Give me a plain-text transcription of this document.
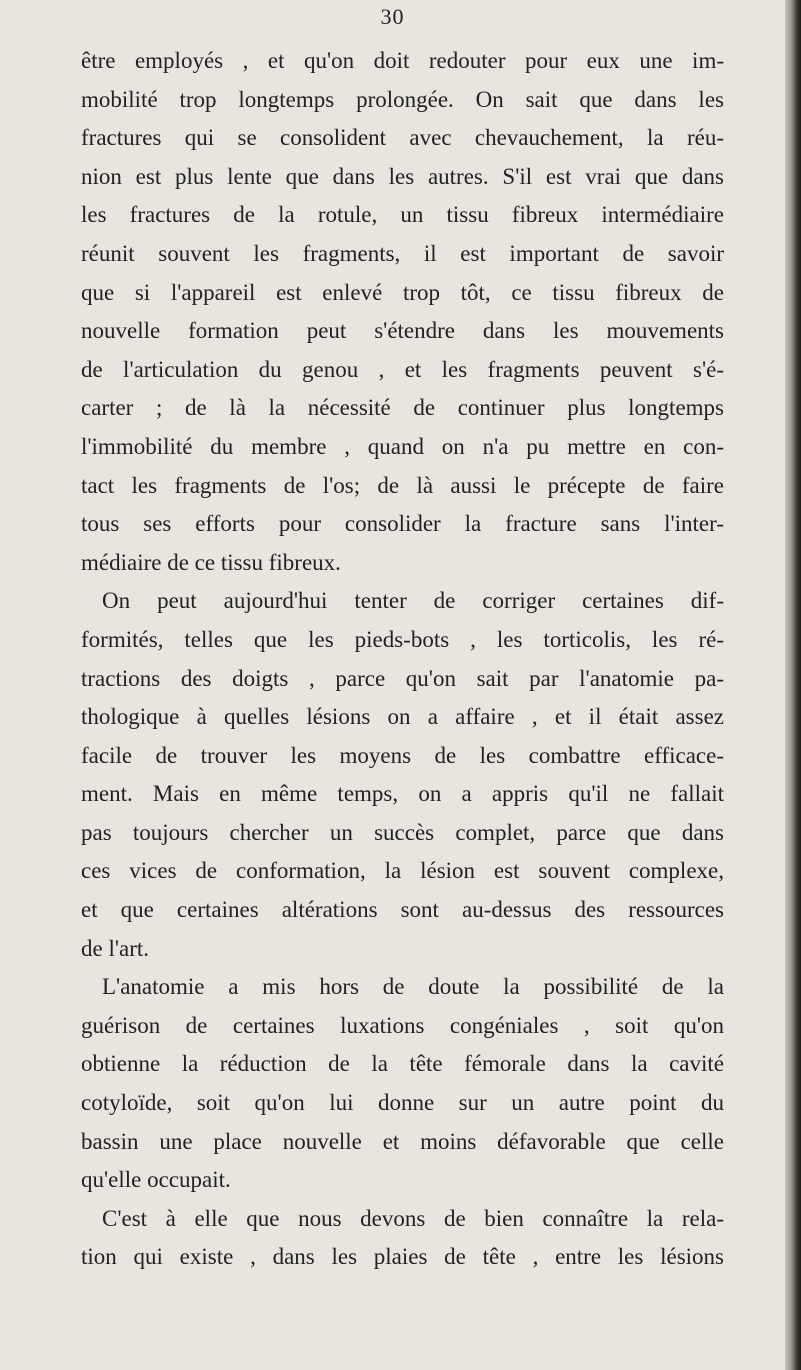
30
être employés , et qu'on doit redouter pour eux une im-
mobilité trop longtemps prolongée. On sait que dans les
fractures qui se consolident avec chevauchement, la réu-
nion est plus lente que dans les autres. S'il est vrai que dans
les fractures de la rotule, un tissu fibreux intermédiaire
réunit souvent les fragments, il est important de savoir
que si l'appareil est enlevé trop tôt, ce tissu fibreux de
nouvelle formation peut s'étendre dans les mouvements
de l'articulation du genou , et les fragments peuvent s'é-
carter ; de là la nécessité de continuer plus longtemps
l'immobilité du membre , quand on n'a pu mettre en con-
tact les fragments de l'os; de là aussi le précepte de faire
tous ses efforts pour consolider la fracture sans l'inter-
médiaire de ce tissu fibreux.
On peut aujourd'hui tenter de corriger certaines dif-
formités, telles que les pieds-bots , les torticolis, les ré-
tractions des doigts , parce qu'on sait par l'anatomie pa-
thologique à quelles lésions on a affaire , et il était assez
facile de trouver les moyens de les combattre efficace-
ment. Mais en même temps, on a appris qu'il ne fallait
pas toujours chercher un succès complet, parce que dans
ces vices de conformation, la lésion est souvent complexe,
et que certaines altérations sont au-dessus des ressources
de l'art.
L'anatomie a mis hors de doute la possibilité de la
guérison de certaines luxations congéniales , soit qu'on
obtienne la réduction de la tête fémorale dans la cavité
cotyloïde, soit qu'on lui donne sur un autre point du
bassin une place nouvelle et moins défavorable que celle
qu'elle occupait.
C'est à elle que nous devons de bien connaître la rela-
tion qui existe , dans les plaies de tête , entre les lésions
